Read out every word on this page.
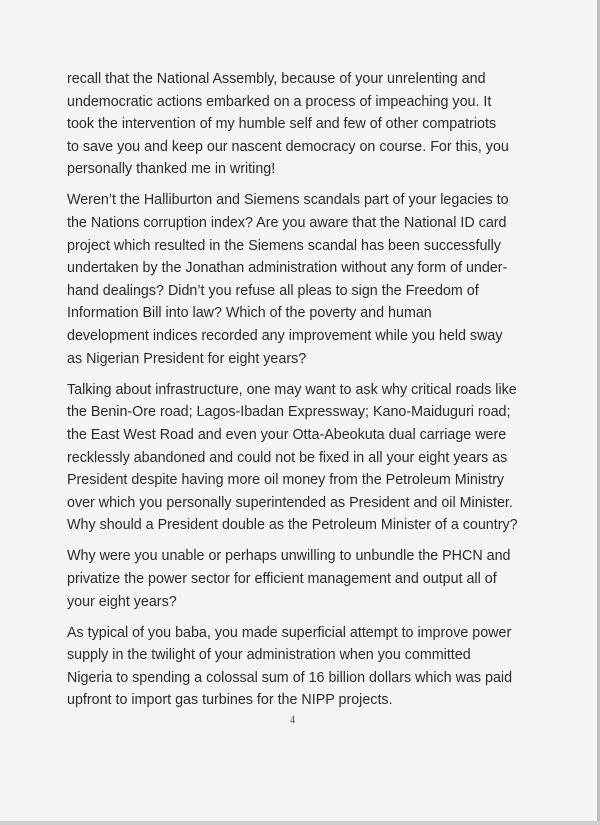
recall that the National Assembly, because of your unrelenting and
undemocratic actions embarked on a process of impeaching you. It
took the intervention of my humble self and few of other compatriots
to save you and keep our nascent democracy on course. For this, you
personally thanked me in writing!

Weren’t the Halliburton and Siemens scandals part of your legacies to
the Nations corruption index? Are you aware that the National ID card
project which resulted in the Siemens scandal has been successfully
undertaken by the Jonathan administration without any form of under-
hand dealings? Didn’t you refuse all pleas to sign the Freedom of
Information Bill into law? Which of the poverty and human
development indices recorded any improvement while you held sway
as Nigerian President for eight years?

Talking about infrastructure, one may want to ask why critical roads like
the Benin-Ore road; Lagos-Ibadan Expressway; Kano-Maiduguri road;
the East West Road and even your Otta-Abeokuta dual carriage were
recklessly abandoned and could not be fixed in all your eight years as
President despite having more oil money from the Petroleum Ministry
over which you personally superintended as President and oil Minister.
Why should a President double as the Petroleum Minister of a country?

Why were you unable or perhaps unwilling to unbundle the PHCN and
privatize the power sector for efficient management and output all of
your eight years?

As typical of you baba, you made superficial attempt to improve power
supply in the twilight of your administration when you committed
Nigeria to spending a colossal sum of 16 billion dollars which was paid
upfront to import gas turbines for the NIPP projects.

4
